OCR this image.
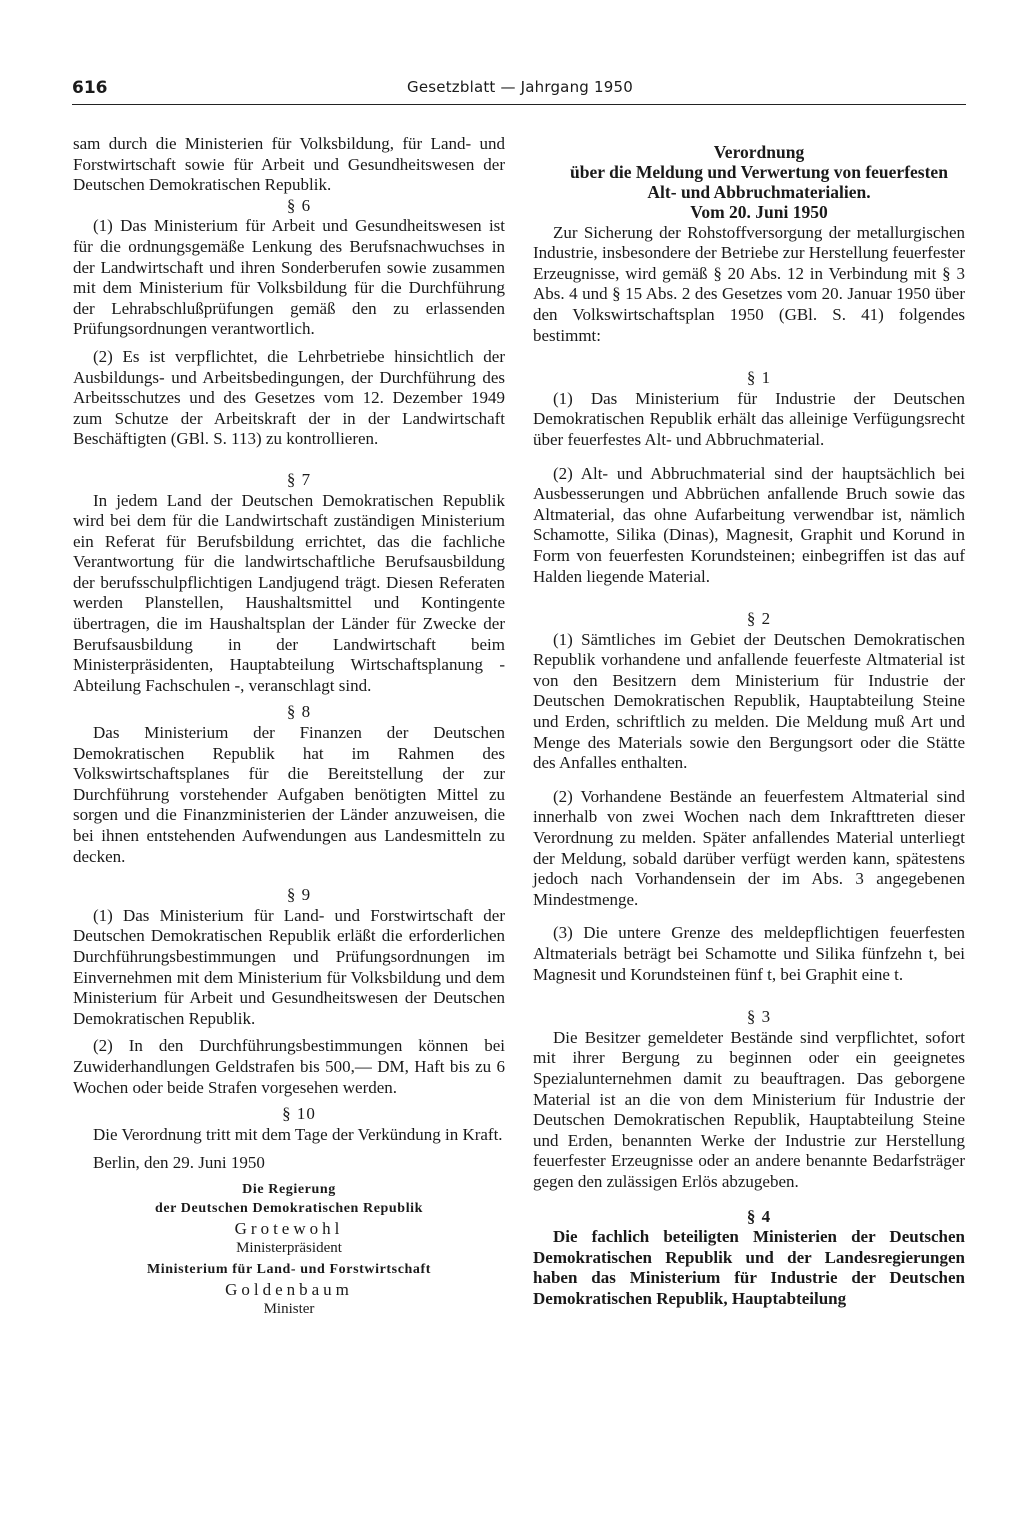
616	Gesetzblatt — Jahrgang 1950

sam durch die Ministerien für Volksbildung, für Land- und Forstwirtschaft sowie für Arbeit und Gesundheitswesen der Deutschen Demokratischen Republik.

§ 6

(1) Das Ministerium für Arbeit und Gesundheitswesen ist für die ordnungsgemäße Lenkung des Berufsnachwuchses in der Landwirtschaft und ihren Sonderberufen sowie zusammen mit dem Ministerium für Volksbildung für die Durchführung der Lehrabschlußprüfungen gemäß den zu erlassenden Prüfungsordnungen verantwortlich.

(2) Es ist verpflichtet, die Lehrbetriebe hinsichtlich der Ausbildungs- und Arbeitsbedingungen, der Durchführung des Arbeitsschutzes und des Gesetzes vom 12. Dezember 1949 zum Schutze der Arbeitskraft der in der Landwirtschaft Beschäftigten (GBl. S. 113) zu kontrollieren.

§ 7

In jedem Land der Deutschen Demokratischen Republik wird bei dem für die Landwirtschaft zuständigen Ministerium ein Referat für Berufsbildung errichtet, das die fachliche Verantwortung für die landwirtschaftliche Berufsausbildung der berufsschulpflichtigen Landjugend trägt. Diesen Referaten werden Planstellen, Haushaltsmittel und Kontingente übertragen, die im Haushaltsplan der Länder für Zwecke der Berufsausbildung in der Landwirtschaft beim Ministerpräsidenten, Hauptabteilung Wirtschaftsplanung - Abteilung Fachschulen -, veranschlagt sind.

§ 8

Das Ministerium der Finanzen der Deutschen Demokratischen Republik hat im Rahmen des Volkswirtschaftsplanes für die Bereitstellung der zur Durchführung vorstehender Aufgaben benötigten Mittel zu sorgen und die Finanzministerien der Länder anzuweisen, die bei ihnen entstehenden Aufwendungen aus Landesmitteln zu decken.

§ 9

(1) Das Ministerium für Land- und Forstwirtschaft der Deutschen Demokratischen Republik erläßt die erforderlichen Durchführungsbestimmungen und Prüfungsordnungen im Einvernehmen mit dem Ministerium für Volksbildung und dem Ministerium für Arbeit und Gesundheitswesen der Deutschen Demokratischen Republik.

(2) In den Durchführungsbestimmungen können bei Zuwiderhandlungen Geldstrafen bis 500,— DM, Haft bis zu 6 Wochen oder beide Strafen vorgesehen werden.

§ 10

Die Verordnung tritt mit dem Tage der Verkündung in Kraft.

Berlin, den 29. Juni 1950

Die Regierung
der Deutschen Demokratischen Republik
Grotewohl
Ministerpräsident
Ministerium für Land- und Forstwirtschaft
Goldenbaum
Minister

Verordnung

über die Meldung und Verwertung von feuerfesten

Alt- und Abbruchmaterialien.

Vom 20. Juni 1950

Zur Sicherung der Rohstoffversorgung der metallurgischen Industrie, insbesondere der Betriebe zur Herstellung feuerfester Erzeugnisse, wird gemäß § 20 Abs. 12 in Verbindung mit § 3 Abs. 4 und § 15 Abs. 2 des Gesetzes vom 20. Januar 1950 über den Volkswirtschaftsplan 1950 (GBl. S. 41) folgendes bestimmt:

§ 1

(1) Das Ministerium für Industrie der Deutschen Demokratischen Republik erhält das alleinige Verfügungsrecht über feuerfestes Alt- und Abbruchmaterial.

(2) Alt- und Abbruchmaterial sind der hauptsächlich bei Ausbesserungen und Abbrüchen anfallende Bruch sowie das Altmaterial, das ohne Aufarbeitung verwendbar ist, nämlich Schamotte, Silika (Dinas), Magnesit, Graphit und Korund in Form von feuerfesten Korundsteinen; einbegriffen ist das auf Halden liegende Material.

§ 2

(1) Sämtliches im Gebiet der Deutschen Demokratischen Republik vorhandene und anfallende feuerfeste Altmaterial ist von den Besitzern dem Ministerium für Industrie der Deutschen Demokratischen Republik, Hauptabteilung Steine und Erden, schriftlich zu melden. Die Meldung muß Art und Menge des Materials sowie den Bergungsort oder die Stätte des Anfalles enthalten.

(2) Vorhandene Bestände an feuerfestem Altmaterial sind innerhalb von zwei Wochen nach dem Inkrafttreten dieser Verordnung zu melden. Später anfallendes Material unterliegt der Meldung, sobald darüber verfügt werden kann, spätestens jedoch nach Vorhandensein der im Abs. 3 angegebenen Mindestmenge.

(3) Die untere Grenze des meldepflichtigen feuerfesten Altmaterials beträgt bei Schamotte und Silika fünfzehn t, bei Magnesit und Korundsteinen fünf t, bei Graphit eine t.

§ 3

Die Besitzer gemeldeter Bestände sind verpflichtet, sofort mit ihrer Bergung zu beginnen oder ein geeignetes Spezialunternehmen damit zu beauftragen. Das geborgene Material ist an die von dem Ministerium für Industrie der Deutschen Demokratischen Republik, Hauptabteilung Steine und Erden, benannten Werke der Industrie zur Herstellung feuerfester Erzeugnisse oder an andere benannte Bedarfsträger gegen den zulässigen Erlös abzugeben.

§ 4

Die fachlich beteiligten Ministerien der Deutschen Demokratischen Republik und der Landesregierungen haben das Ministerium für Industrie der Deutschen Demokratischen Republik, Hauptabteilung
